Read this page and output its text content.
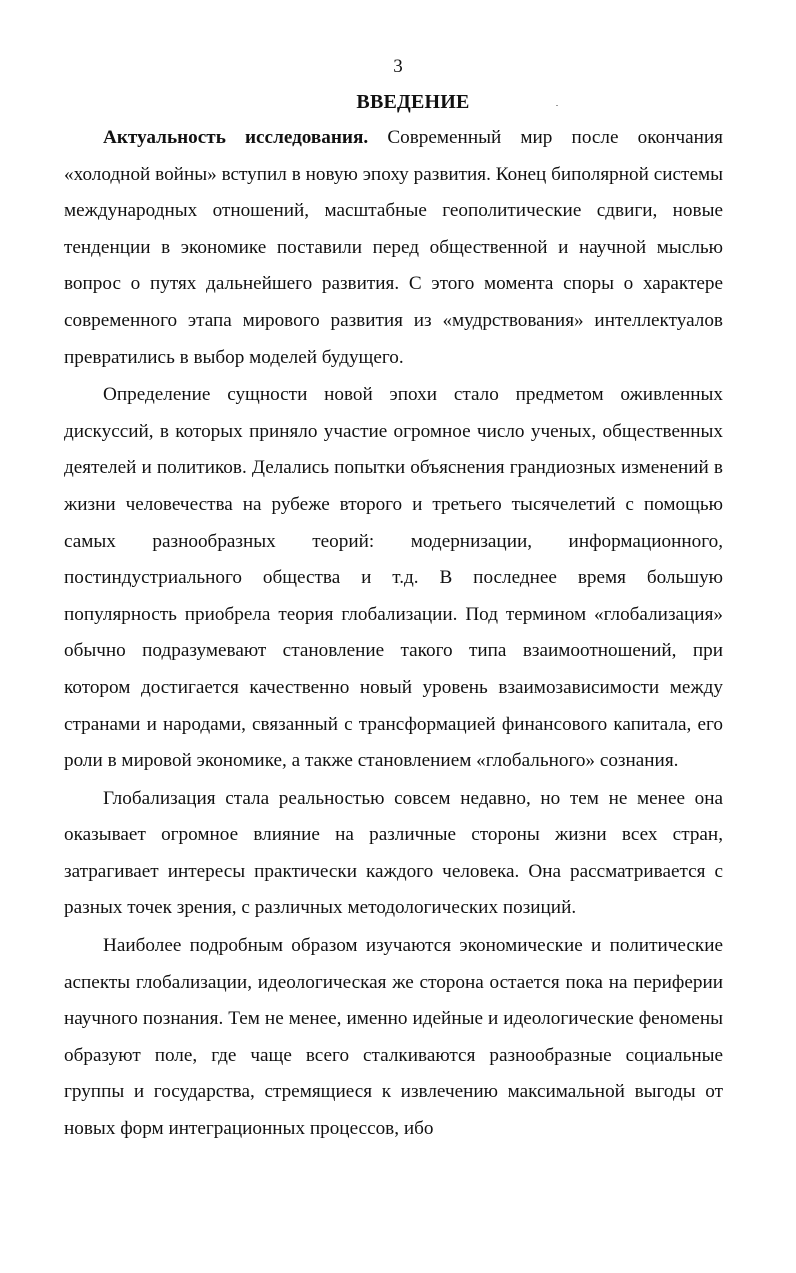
3
ВВЕДЕНИЕ

Актуальность исследования. Современный мир после окончания «холодной войны» вступил в новую эпоху развития. Конец биполярной системы международных отношений, масштабные геополитические сдвиги, новые тенденции в экономике поставили перед общественной и научной мыслью вопрос о путях дальнейшего развития. С этого момента споры о характере современного этапа мирового развития из «мудрствования» интеллектуалов превратились в выбор моделей будущего.

Определение сущности новой эпохи стало предметом оживленных дискуссий, в которых приняло участие огромное число ученых, общественных деятелей и политиков. Делались попытки объяснения грандиозных изменений в жизни человечества на рубеже второго и третьего тысячелетий с помощью самых разнообразных теорий: модернизации, информационного, постиндустриального общества и т.д. В последнее время большую популярность приобрела теория глобализации. Под термином «глобализация» обычно подразумевают становление такого типа взаимоотношений, при котором достигается качественно новый уровень взаимозависимости между странами и народами, связанный с трансформацией финансового капитала, его роли в мировой экономике, а также становлением «глобального» сознания.

Глобализация стала реальностью совсем недавно, но тем не менее она оказывает огромное влияние на различные стороны жизни всех стран, затрагивает интересы практически каждого человека. Она рассматривается с разных точек зрения, с различных методологических позиций.

Наиболее подробным образом изучаются экономические и политические аспекты глобализации, идеологическая же сторона остается пока на периферии научного познания. Тем не менее, именно идейные и идеологические феномены образуют поле, где чаще всего сталкиваются разнообразные социальные группы и государства, стремящиеся к извлечению максимальной выгоды от новых форм интеграционных процессов, ибо
